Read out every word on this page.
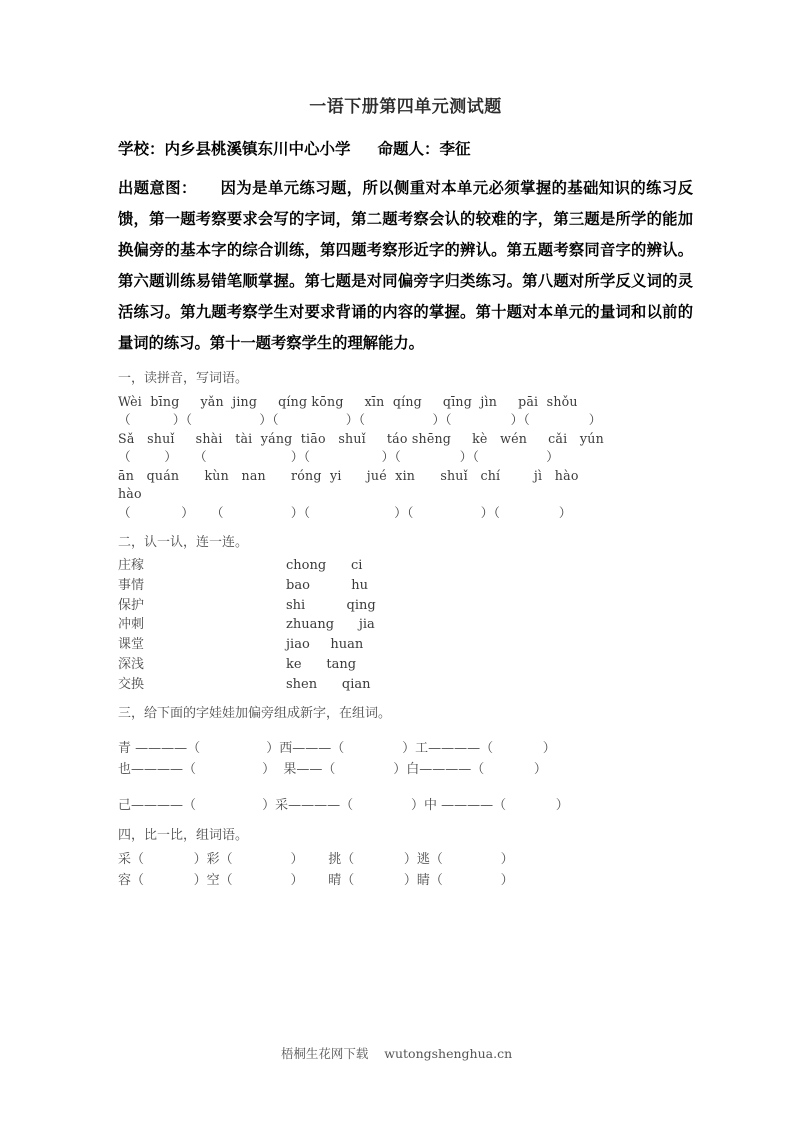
一语下册第四单元测试题

学校：内乡县桃溪镇东川中心小学     命题人：李征

出题意图：　　因为是单元练习题，所以侧重对本单元必须掌握的基础知识的练习反馈，第一题考察要求会写的字词，第二题考察会认的较难的字，第三题是所学的能加换偏旁的基本字的综合训练，第四题考察形近字的辨认。第五题考察同音字的辨认。第六题训练易错笔顺掌握。第七题是对同偏旁字归类练习。第八题对所学反义词的灵活练习。第九题考察学生对要求背诵的内容的掌握。第十题对本单元的量词和以前的量词的练习。第十一题考察学生的理解能力。

一，读拼音，写词语。
Wèi  bīng     yǎn  jing     qíng kōng     xīn  qíng     qīng  jìn     pāi  shǒu
（          ）（                ）（                ）（                ）（              ）（              ）
Sǎ   shuǐ     shài   tài  yáng  tiāo   shuǐ     táo shēng     kè   wén     cǎi   yún
（        ）    （                    ）（                 ）（              ）（                ）
ān   quán      kùn   nan      róng  yi      jué  xin      shuǐ   chí        jì   hào
hào
（            ）    （                ）（                    ）（                ）（              ）
二，认一认，连一连。
庄稼	chong      ci
事情	bao          hu
保护	shi          qing
冲刺	zhuang      jia
课堂	jiao     huan
深浅	ke      tang
交换	shen      qian
三，给下面的字娃娃加偏旁组成新字，在组词。
青 ————（                ）西———（              ）工————（            ）
也————（                ）  果——（              ）白————（            ）
己————（                ）采————（              ）中 ————（            ）
四，比一比，组词语。
采（            ）彩（              ）      挑（            ）逃（              ）
容（            ）空（              ）      晴（            ）睛（              ）
梧桐生花网下载 wutongshenghua.cn
